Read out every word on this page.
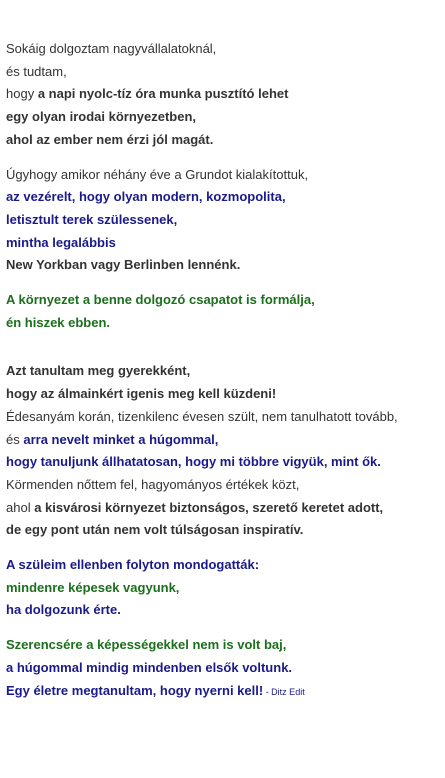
Sokáig dolgoztam nagyvállalatoknál,
és tudtam,
hogy a napi nyolc-tíz óra munka pusztító lehet
egy olyan irodai környezetben,
ahol az ember nem érzi jól magát.
Úgyhogy amikor néhány éve a Grundot kialakítottuk,
az vezérelt, hogy olyan modern, kozmopolita,
letisztult terek szülessenek,
mintha legalábbis
New Yorkban vagy Berlinben lennénk.
A környezet a benne dolgozó csapatot is formálja,
én hiszek ebben.
Azt tanultam meg gyerekként,
hogy az álmainkért igenis meg kell küzdeni!
Édesanyám korán, tizenkilenc évesen szült, nem tanulhatott tovább,
és arra nevelt minket a húgommal,
hogy tanuljunk állhatatosan, hogy mi többre vigyük, mint ők.
Körmenden nőttem fel, hagyományos értékek közt,
ahol a kisvárosi környezet biztonságos, szerető keretet adott,
de egy pont után nem volt túlságosan inspiratív.
A szüleim ellenben folyton mondogatták:
mindenre képesek vagyunk,
ha dolgozunk érte.
Szerencsére a képességekkel nem is volt baj,
a húgommal mindig mindenben elsők voltunk.
Egy életre megtanultam, hogy nyerni kell! - Ditz Edit
